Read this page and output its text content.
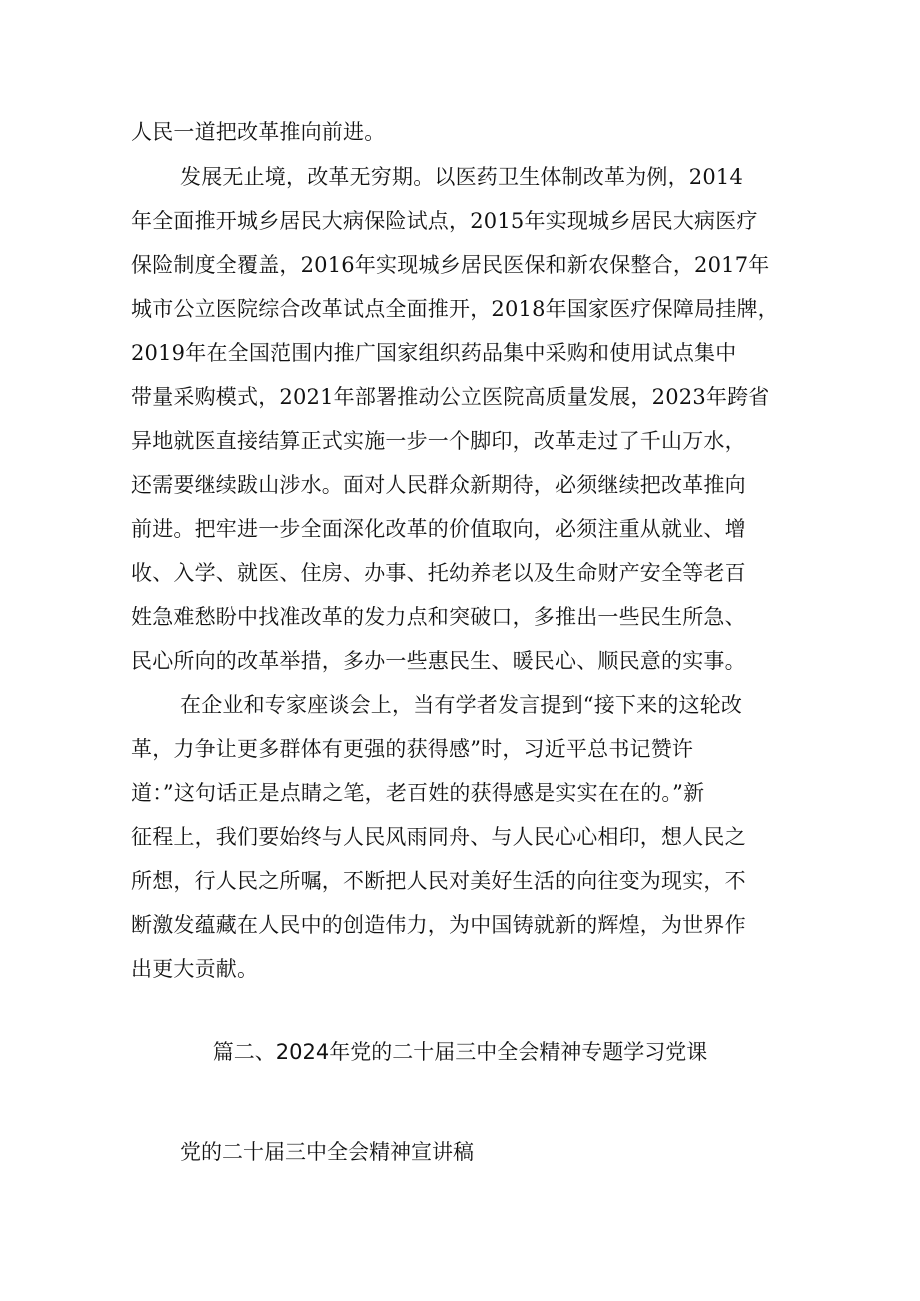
人民一道把改革推向前进。
发展无止境，改革无穷期。以医药卫生体制改革为例，2014
年全面推开城乡居民大病保险试点，2015年实现城乡居民大病医疗
保险制度全覆盖，2016年实现城乡居民医保和新农保整合，2017年
城市公立医院综合改革试点全面推开，2018年国家医疗保障局挂牌，
2019年在全国范围内推广国家组织药品集中采购和使用试点集中
带量采购模式，2021年部署推动公立医院高质量发展，2023年跨省
异地就医直接结算正式实施一步一个脚印，改革走过了千山万水，
还需要继续跋山涉水。面对人民群众新期待，必须继续把改革推向
前进。把牢进一步全面深化改革的价值取向，必须注重从就业、增
收、入学、就医、住房、办事、托幼养老以及生命财产安全等老百
姓急难愁盼中找准改革的发力点和突破口，多推出一些民生所急、
民心所向的改革举措，多办一些惠民生、暖民心、顺民意的实事。
在企业和专家座谈会上，当有学者发言提到“接下来的这轮改
革，力争让更多群体有更强的获得感”时，习近平总书记赞许
道：”这句话正是点睛之笔，老百姓的获得感是实实在在的。”新
征程上，我们要始终与人民风雨同舟、与人民心心相印，想人民之
所想，行人民之所嘱，不断把人民对美好生活的向往变为现实，不
断激发蕴藏在人民中的创造伟力，为中国铸就新的辉煌，为世界作
出更大贡献。
篇二、2024年党的二十届三中全会精神专题学习党课
党的二十届三中全会精神宣讲稿
